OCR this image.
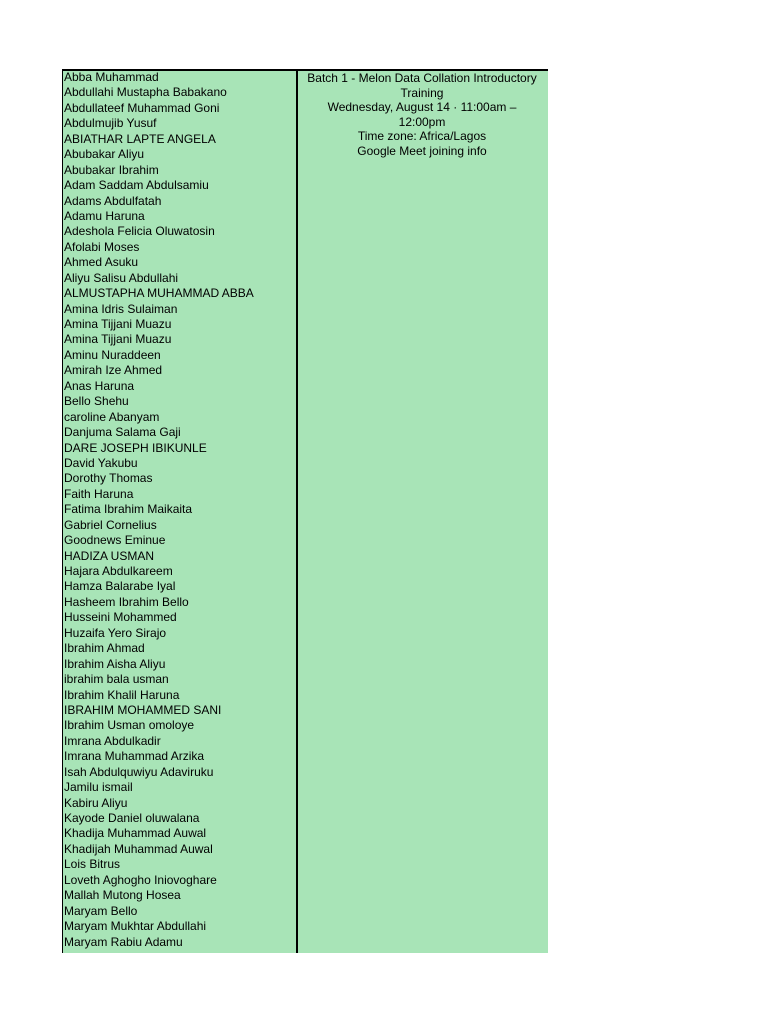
Abba Muhammad
Abdullahi Mustapha Babakano
Abdullateef Muhammad Goni
Abdulmujib Yusuf
ABIATHAR LAPTE ANGELA
Abubakar Aliyu
Abubakar Ibrahim
Adam Saddam Abdulsamiu
Adams Abdulfatah
Adamu Haruna
Adeshola Felicia Oluwatosin
Afolabi Moses
Ahmed Asuku
Aliyu Salisu Abdullahi
ALMUSTAPHA MUHAMMAD ABBA
Amina Idris Sulaiman
Amina Tijjani Muazu
Amina Tijjani Muazu
Aminu Nuraddeen
Amirah Ize Ahmed
Anas Haruna
Bello Shehu
caroline Abanyam
Danjuma Salama Gaji
DARE JOSEPH IBIKUNLE
David Yakubu
Dorothy Thomas
Faith Haruna
Fatima Ibrahim Maikaita
Gabriel Cornelius
Goodnews Eminue
HADIZA USMAN
Hajara Abdulkareem
Hamza Balarabe Iyal
Hasheem Ibrahim Bello
Husseini Mohammed
Huzaifa Yero Sirajo
Ibrahim Ahmad
Ibrahim Aisha Aliyu
ibrahim bala usman
Ibrahim Khalil Haruna
IBRAHIM MOHAMMED SANI
Ibrahim Usman omoloye
Imrana Abdulkadir
Imrana Muhammad Arzika
Isah Abdulquwiyu Adaviruku
Jamilu ismail
Kabiru Aliyu
Kayode Daniel oluwalana
Khadija Muhammad Auwal
Khadijah Muhammad Auwal
Lois Bitrus
Loveth Aghogho Iniovoghare
Mallah Mutong Hosea
Maryam Bello
Maryam Mukhtar Abdullahi
Maryam Rabiu Adamu
Batch 1 - Melon Data Collation Introductory
Training
Wednesday, August 14 · 11:00am –
12:00pm
Time zone: Africa/Lagos
Google Meet joining info
